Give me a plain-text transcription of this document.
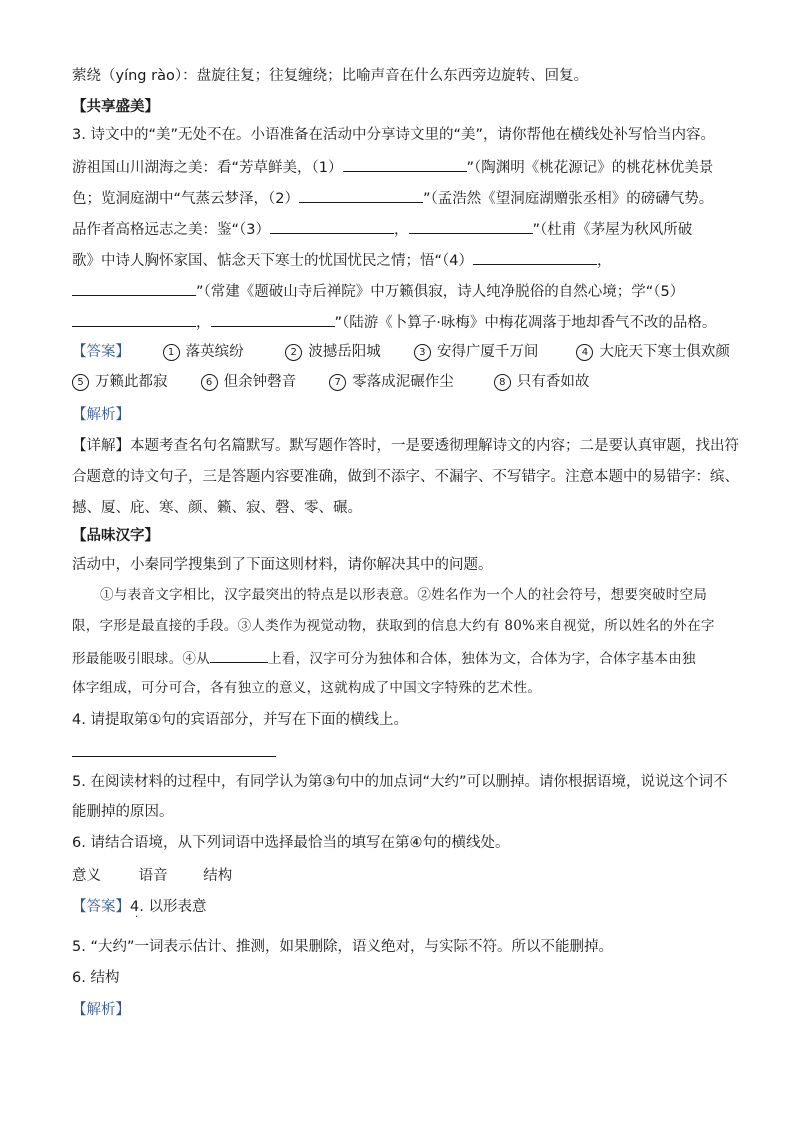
萦绕（yíng rào）：盘旋往复；往复缠绕；比喻声音在什么东西旁边旋转、回复。
【共享盛美】
3. 诗文中的“美”无处不在。小语准备在活动中分享诗文里的“美”，请你帮他在横线处补写恰当内容。
游祖国山川湖海之美：看“芳草鲜美，（1）	”（陶渊明《桃花源记》的桃花林优美景
色；览洞庭湖中“气蒸云梦泽，（2）	”（孟浩然《望洞庭湖赠张丞相》的磅礴气势。
品作者高格远志之美：鉴“（3）	，	”（杜甫《茅屋为秋风所破
歌》中诗人胸怀家国、惦念天下寒士的忧国忧民之情；悟“（4）	，
”（常建《题破山寺后禅院》中万籁俱寂，诗人纯净脱俗的自然心境；学“（5）
，	”（陆游《卜算子·咏梅》中梅花凋落于地却香气不改的品格。
【答案】	1 落英缤纷	2 波撼岳阳城	3 安得广厦千万间	4 大庇天下寒士俱欢颜
5 万籁此都寂	6 但余钟磬音	7 零落成泥碾作尘	8 只有香如故
【解析】
【详解】本题考查名句名篇默写。默写题作答时，一是要透彻理解诗文的内容；二是要认真审题，找出符
合题意的诗文句子，三是答题内容要准确，做到不添字、不漏字、不写错字。注意本题中的易错字：缤、
撼、厦、庇、寒、颜、籁、寂、磬、零、碾。
【品味汉字】
活动中，小秦同学搜集到了下面这则材料，请你解决其中的问题。
①与表音文字相比，汉字最突出的特点是以形表意。②姓名作为一个人的社会符号，想要突破时空局
限，字形是最直接的手段。③人类作为视觉动物，获取到的信息大约有 80%来自视觉，所以姓名的外在字
形最能吸引眼球。④从	上看，汉字可分为独体和合体，独体为文，合体为字，合体字基本由独
体字组成，可分可合，各有独立的意义，这就构成了中国文字特殊的艺术性。
4. 请提取第①句的宾语部分，并写在下面的横线上。
5. 在阅读材料的过程中，有同学认为第③句中的加点词“大约”可以删掉。请你根据语境，说说这个词不
能删掉的原因。
6. 请结合语境，从下列词语中选择最恰当的填写在第④句的横线处。
意义	语音 结构
【答案】4. 以形表意
·
5. “大约”一词表示估计、推测，如果删除，语义绝对，与实际不符。所以不能删掉。
6. 结构
【解析】
